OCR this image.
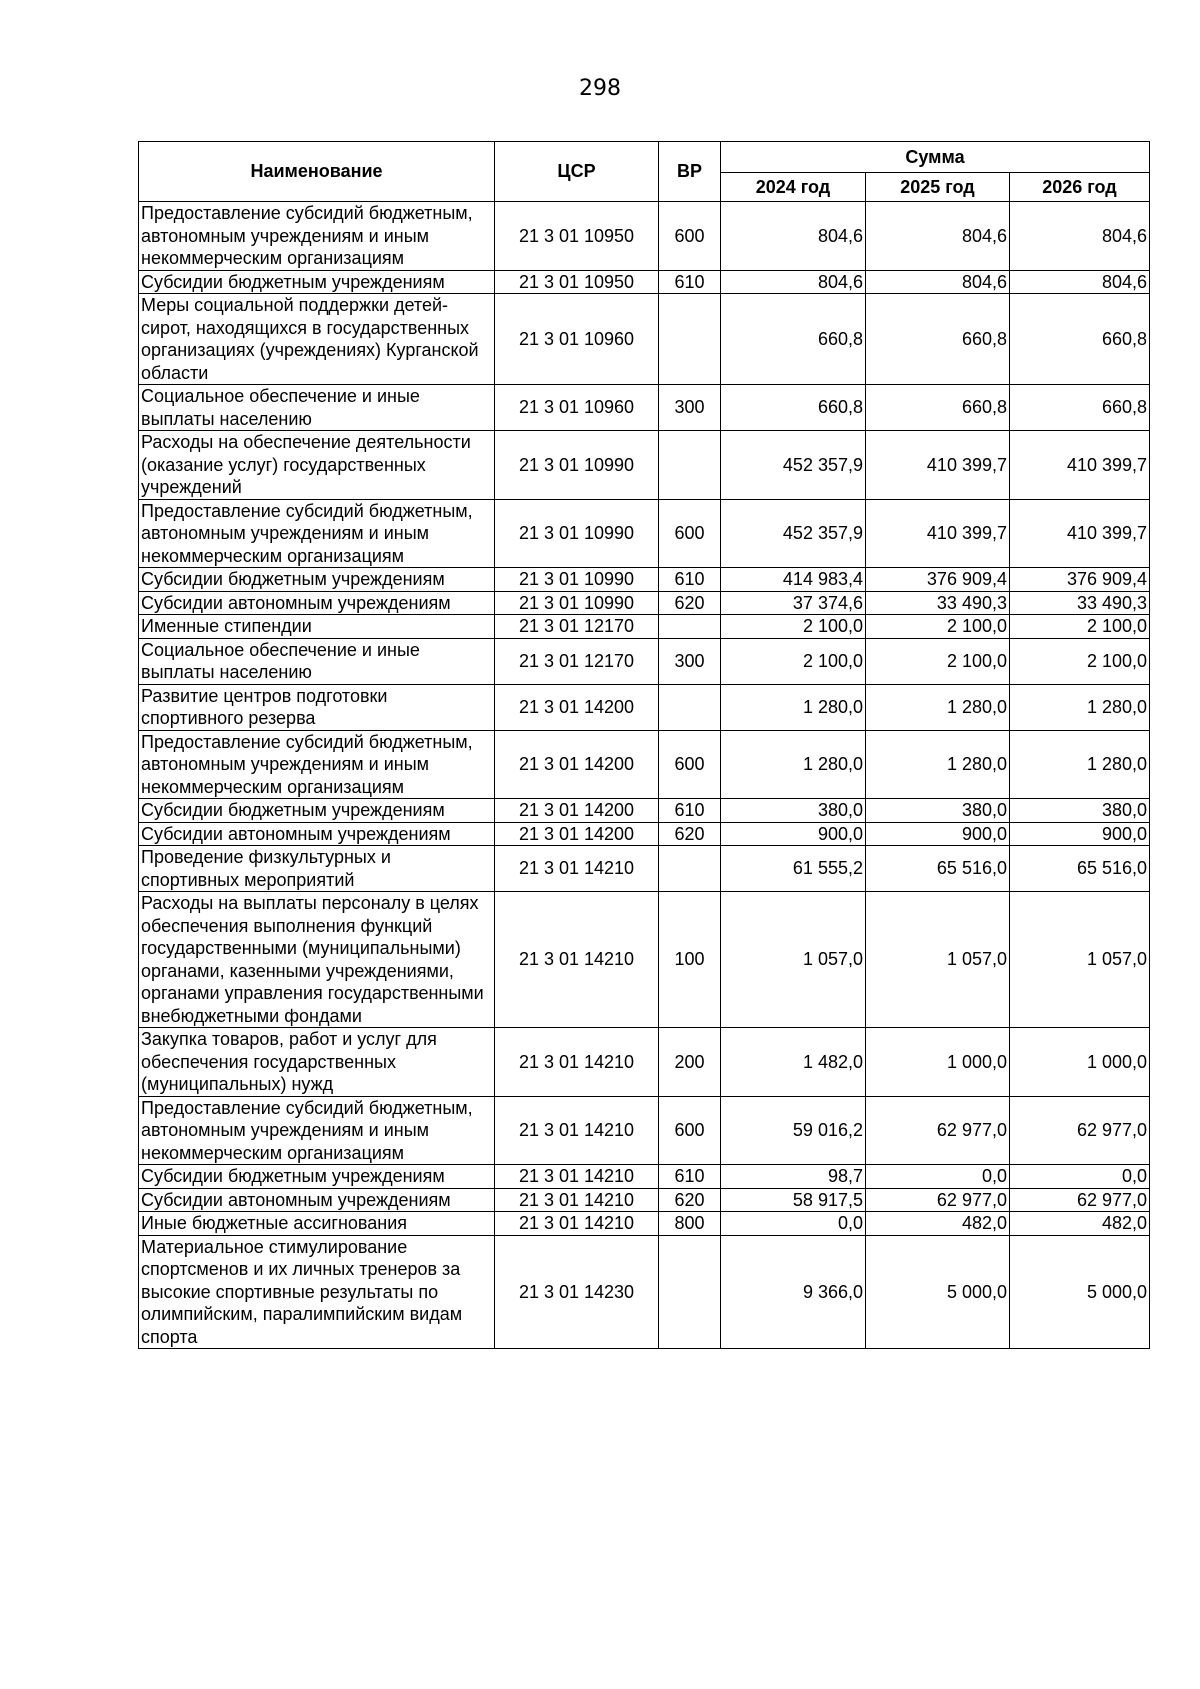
298
Наименование	ЦСР	ВР	Сумма		
			2024 год	2025 год	2026 год
Предоставление субсидий бюджетным, автономным учреждениям и иным некоммерческим организациям	21 3 01 10950	600	804,6	804,6	804,6
Субсидии бюджетным учреждениям	21 3 01 10950	610	804,6	804,6	804,6
Меры социальной поддержки детей-сирот, находящихся в государственных организациях (учреждениях) Курганской области	21 3 01 10960		660,8	660,8	660,8
Социальное обеспечение и иные выплаты населению	21 3 01 10960	300	660,8	660,8	660,8
Расходы на обеспечение деятельности (оказание услуг) государственных учреждений	21 3 01 10990		452 357,9	410 399,7	410 399,7
Предоставление субсидий бюджетным, автономным учреждениям и иным некоммерческим организациям	21 3 01 10990	600	452 357,9	410 399,7	410 399,7
Субсидии бюджетным учреждениям	21 3 01 10990	610	414 983,4	376 909,4	376 909,4
Субсидии автономным учреждениям	21 3 01 10990	620	37 374,6	33 490,3	33 490,3
Именные стипендии	21 3 01 12170		2 100,0	2 100,0	2 100,0
Социальное обеспечение и иные выплаты населению	21 3 01 12170	300	2 100,0	2 100,0	2 100,0
Развитие центров подготовки спортивного резерва	21 3 01 14200		1 280,0	1 280,0	1 280,0
Предоставление субсидий бюджетным, автономным учреждениям и иным некоммерческим организациям	21 3 01 14200	600	1 280,0	1 280,0	1 280,0
Субсидии бюджетным учреждениям	21 3 01 14200	610	380,0	380,0	380,0
Субсидии автономным учреждениям	21 3 01 14200	620	900,0	900,0	900,0
Проведение физкультурных и спортивных мероприятий	21 3 01 14210		61 555,2	65 516,0	65 516,0
Расходы на выплаты персоналу в целях обеспечения выполнения функций государственными (муниципальными) органами, казенными учреждениями, органами управления государственными внебюджетными фондами	21 3 01 14210	100	1 057,0	1 057,0	1 057,0
Закупка товаров, работ и услуг для обеспечения государственных (муниципальных) нужд	21 3 01 14210	200	1 482,0	1 000,0	1 000,0
Предоставление субсидий бюджетным, автономным учреждениям и иным некоммерческим организациям	21 3 01 14210	600	59 016,2	62 977,0	62 977,0
Субсидии бюджетным учреждениям	21 3 01 14210	610	98,7	0,0	0,0
Субсидии автономным учреждениям	21 3 01 14210	620	58 917,5	62 977,0	62 977,0
Иные бюджетные ассигнования	21 3 01 14210	800	0,0	482,0	482,0
Материальное стимулирование спортсменов и их личных тренеров за высокие спортивные результаты по олимпийским, паралимпийским видам спорта	21 3 01 14230		9 366,0	5 000,0	5 000,0
